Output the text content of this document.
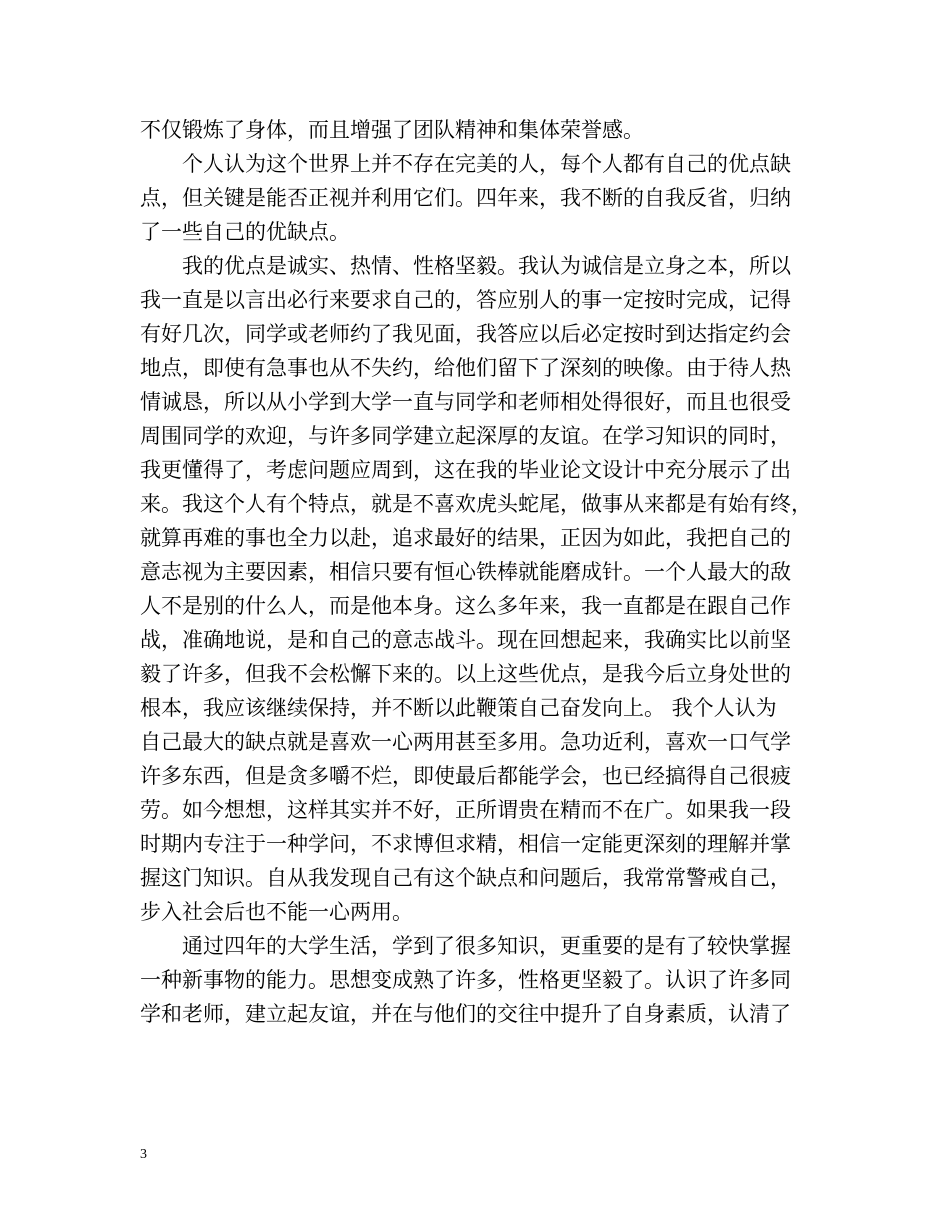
不仅锻炼了身体，而且增强了团队精神和集体荣誉感。
个人认为这个世界上并不存在完美的人，每个人都有自己的优点缺
点，但关键是能否正视并利用它们。四年来，我不断的自我反省，归纳
了一些自己的优缺点。
我的优点是诚实、热情、性格坚毅。我认为诚信是立身之本，所以
我一直是以言出必行来要求自己的，答应别人的事一定按时完成，记得
有好几次，同学或老师约了我见面，我答应以后必定按时到达指定约会
地点，即使有急事也从不失约，给他们留下了深刻的映像。由于待人热
情诚恳，所以从小学到大学一直与同学和老师相处得很好，而且也很受
周围同学的欢迎，与许多同学建立起深厚的友谊。在学习知识的同时，
我更懂得了，考虑问题应周到，这在我的毕业论文设计中充分展示了出
来。我这个人有个特点，就是不喜欢虎头蛇尾，做事从来都是有始有终，
就算再难的事也全力以赴，追求最好的结果，正因为如此，我把自己的
意志视为主要因素，相信只要有恒心铁棒就能磨成针。一个人最大的敌
人不是别的什么人，而是他本身。这么多年来，我一直都是在跟自己作
战，准确地说，是和自己的意志战斗。现在回想起来，我确实比以前坚
毅了许多，但我不会松懈下来的。以上这些优点，是我今后立身处世的
根本，我应该继续保持，并不断以此鞭策自己奋发向上。 我个人认为
自己最大的缺点就是喜欢一心两用甚至多用。急功近利，喜欢一口气学
许多东西，但是贪多嚼不烂，即使最后都能学会，也已经搞得自己很疲
劳。如今想想，这样其实并不好，正所谓贵在精而不在广。如果我一段
时期内专注于一种学问，不求博但求精，相信一定能更深刻的理解并掌
握这门知识。自从我发现自己有这个缺点和问题后，我常常警戒自己，
步入社会后也不能一心两用。
通过四年的大学生活，学到了很多知识，更重要的是有了较快掌握
一种新事物的能力。思想变成熟了许多，性格更坚毅了。认识了许多同
学和老师，建立起友谊，并在与他们的交往中提升了自身素质，认清了
3
